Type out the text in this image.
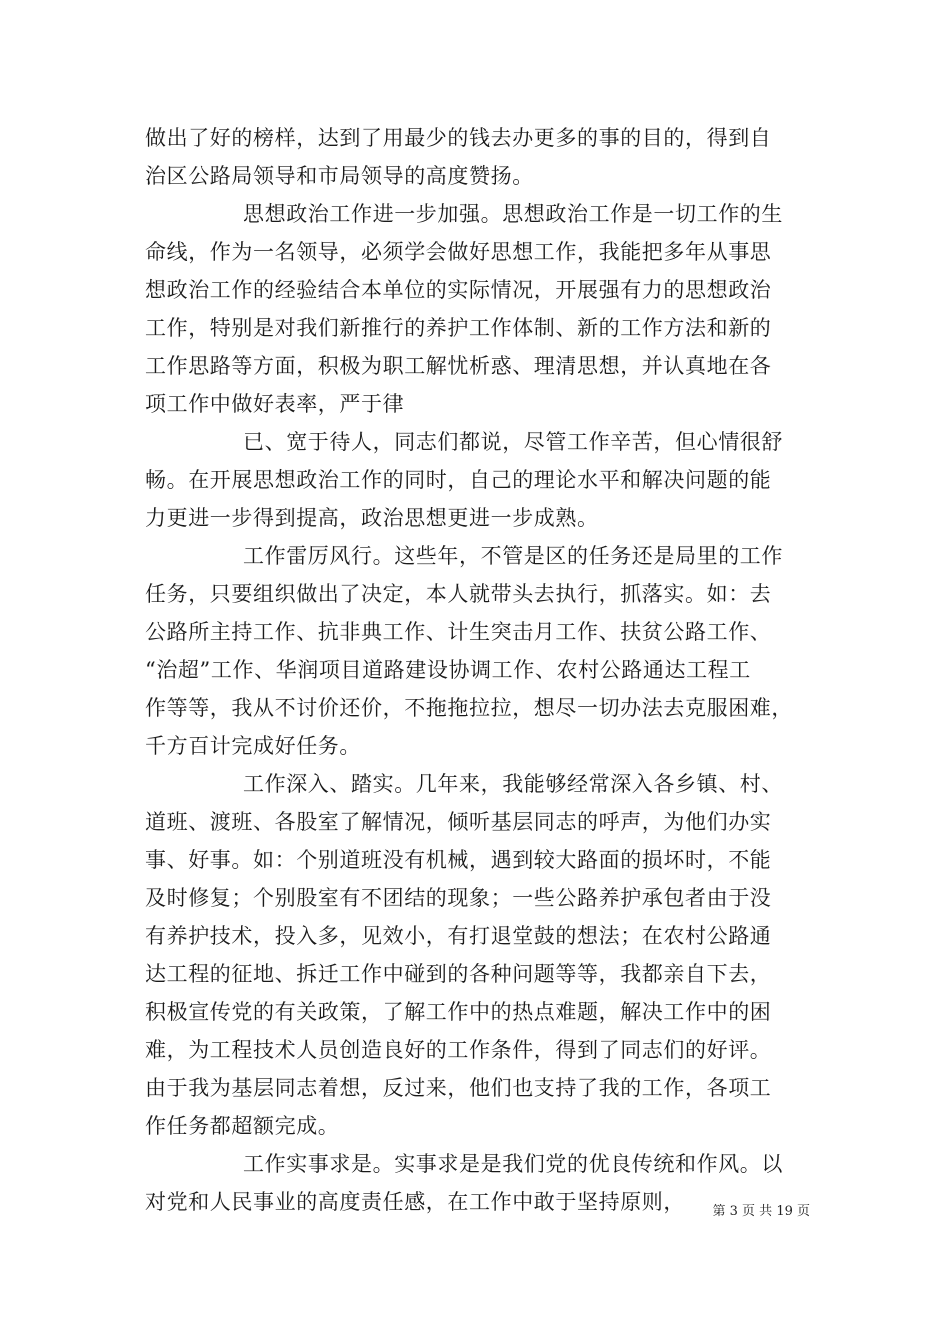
做出了好的榜样，达到了用最少的钱去办更多的事的目的，得到自
治区公路局领导和市局领导的高度赞扬。
思想政治工作进一步加强。思想政治工作是一切工作的生
命线，作为一名领导，必须学会做好思想工作，我能把多年从事思
想政治工作的经验结合本单位的实际情况，开展强有力的思想政治
工作，特别是对我们新推行的养护工作体制、新的工作方法和新的
工作思路等方面，积极为职工解忧析惑、理清思想，并认真地在各
项工作中做好表率，严于律
已、宽于待人，同志们都说，尽管工作辛苦，但心情很舒
畅。在开展思想政治工作的同时，自己的理论水平和解决问题的能
力更进一步得到提高，政治思想更进一步成熟。
工作雷厉风行。这些年，不管是区的任务还是局里的工作
任务，只要组织做出了决定，本人就带头去执行，抓落实。如：去
公路所主持工作、抗非典工作、计生突击月工作、扶贫公路工作、
“治超”工作、华润项目道路建设协调工作、农村公路通达工程工
作等等，我从不讨价还价，不拖拖拉拉，想尽一切办法去克服困难，
千方百计完成好任务。
工作深入、踏实。几年来，我能够经常深入各乡镇、村、
道班、渡班、各股室了解情况，倾听基层同志的呼声，为他们办实
事、好事。如：个别道班没有机械，遇到较大路面的损坏时，不能
及时修复；个别股室有不团结的现象；一些公路养护承包者由于没
有养护技术，投入多，见效小，有打退堂鼓的想法；在农村公路通
达工程的征地、拆迁工作中碰到的各种问题等等，我都亲自下去，
积极宣传党的有关政策，了解工作中的热点难题，解决工作中的困
难，为工程技术人员创造良好的工作条件，得到了同志们的好评。
由于我为基层同志着想，反过来，他们也支持了我的工作，各项工
作任务都超额完成。
工作实事求是。实事求是是我们党的优良传统和作风。以
对党和人民事业的高度责任感，在工作中敢于坚持原则，	第 3 页 共 19 页
